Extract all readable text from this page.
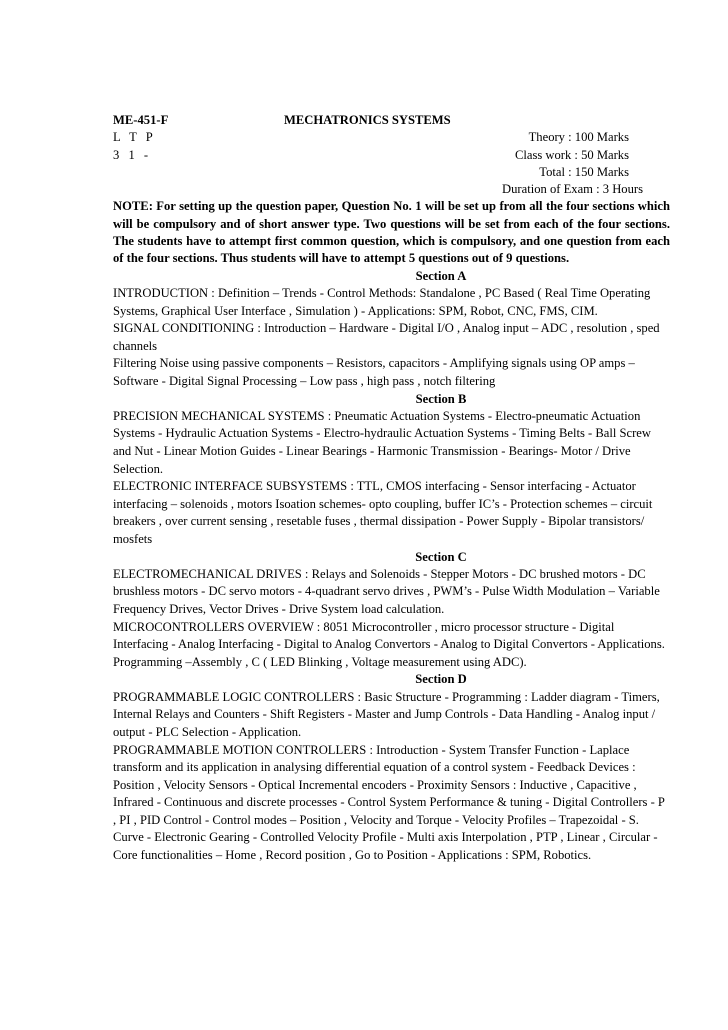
ME-451-F	MECHATRONICS SYSTEMS
L T P	Theory : 100 Marks
3 1 -	Class work : 50 Marks
Total : 150 Marks
Duration of Exam : 3 Hours

NOTE: For setting up the question paper, Question No. 1 will be set up from all the four sections which will be compulsory and of short answer type. Two questions will be set from each of the four sections. The students have to attempt first common question, which is compulsory, and one question from each of the four sections. Thus students will have to attempt 5 questions out of 9 questions.

Section A

INTRODUCTION : Definition – Trends - Control Methods: Standalone , PC Based ( Real Time Operating Systems, Graphical User Interface , Simulation ) - Applications: SPM, Robot, CNC, FMS, CIM.

SIGNAL CONDITIONING : Introduction – Hardware - Digital I/O , Analog input – ADC , resolution , sped channels

Filtering Noise using passive components – Resistors, capacitors - Amplifying signals using OP amps – Software - Digital Signal Processing – Low pass , high pass , notch filtering

Section B

PRECISION MECHANICAL SYSTEMS : Pneumatic Actuation Systems - Electro-pneumatic Actuation Systems - Hydraulic Actuation Systems - Electro-hydraulic Actuation Systems - Timing Belts - Ball Screw and Nut - Linear Motion Guides - Linear Bearings - Harmonic Transmission - Bearings- Motor / Drive Selection.

ELECTRONIC INTERFACE SUBSYSTEMS : TTL, CMOS interfacing - Sensor interfacing - Actuator interfacing – solenoids , motors Isoation schemes- opto coupling, buffer IC’s - Protection schemes – circuit breakers , over current sensing , resetable fuses , thermal dissipation - Power Supply - Bipolar transistors/ mosfets

Section C

ELECTROMECHANICAL DRIVES : Relays and Solenoids - Stepper Motors - DC brushed motors - DC brushless motors - DC servo motors - 4-quadrant servo drives , PWM’s - Pulse Width Modulation – Variable Frequency Drives, Vector Drives - Drive System load calculation.

MICROCONTROLLERS OVERVIEW : 8051 Microcontroller , micro processor structure - Digital Interfacing - Analog Interfacing - Digital to Analog Convertors - Analog to Digital Convertors - Applications.

Programming –Assembly , C ( LED Blinking , Voltage measurement using ADC).

Section D

PROGRAMMABLE LOGIC CONTROLLERS : Basic Structure - Programming : Ladder diagram - Timers, Internal Relays and Counters - Shift Registers - Master and Jump Controls - Data Handling - Analog input / output - PLC Selection - Application.

PROGRAMMABLE MOTION CONTROLLERS : Introduction - System Transfer Function - Laplace transform and its application in analysing differential equation of a control system - Feedback Devices : Position , Velocity Sensors - Optical Incremental encoders - Proximity Sensors : Inductive , Capacitive , Infrared - Continuous and discrete processes - Control System Performance & tuning - Digital Controllers - P , PI , PID Control - Control modes – Position , Velocity and Torque - Velocity Profiles – Trapezoidal - S. Curve - Electronic Gearing - Controlled Velocity Profile - Multi axis Interpolation , PTP , Linear , Circular - Core functionalities – Home , Record position , Go to Position - Applications : SPM, Robotics.
